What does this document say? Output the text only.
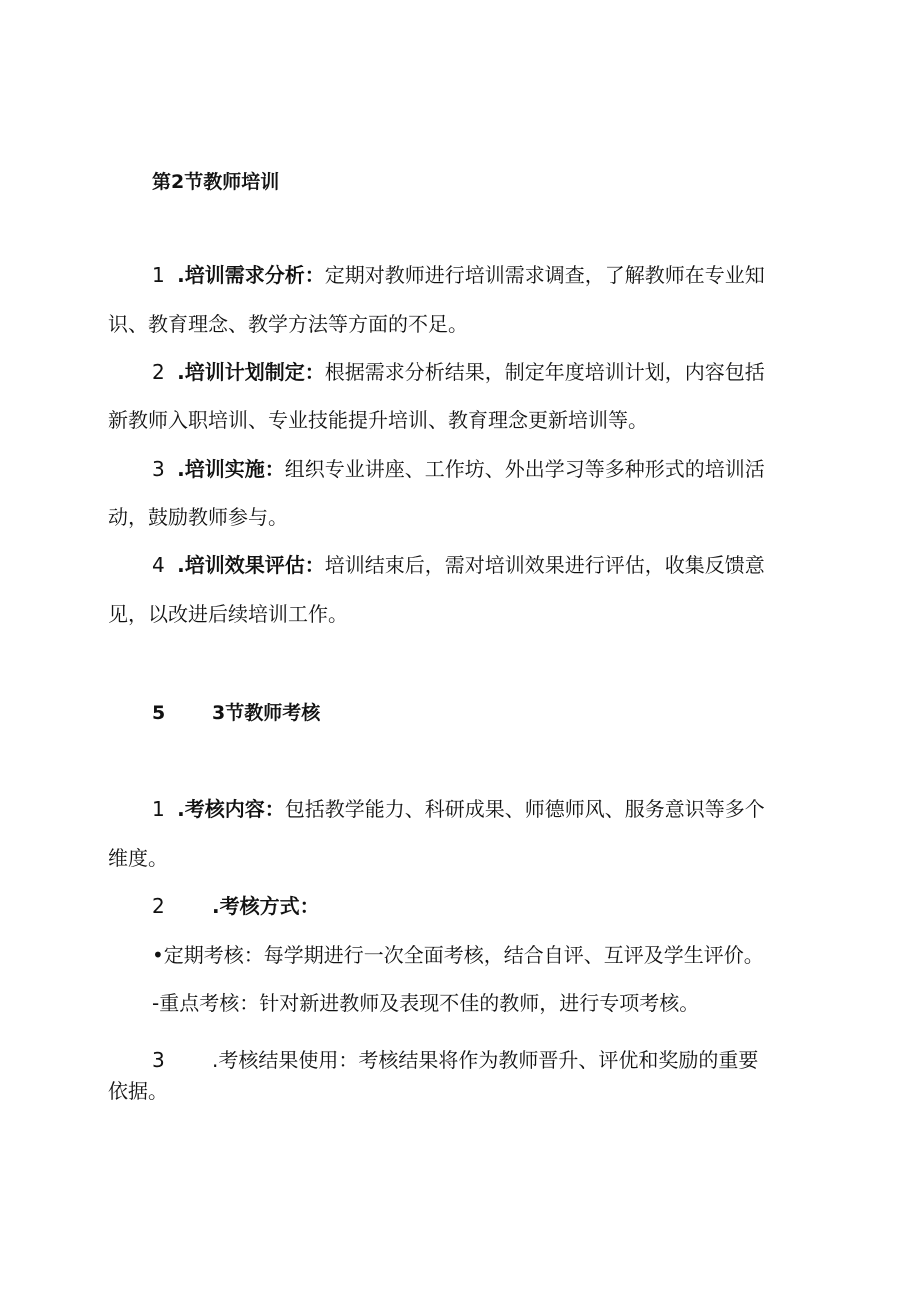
第2节教师培训
1 .培训需求分析：定期对教师进行培训需求调查，了解教师在专业知
识、教育理念、教学方法等方面的不足。
2 .培训计划制定：根据需求分析结果，制定年度培训计划，内容包括
新教师入职培训、专业技能提升培训、教育理念更新培训等。
3 .培训实施：组织专业讲座、工作坊、外出学习等多种形式的培训活
动，鼓励教师参与。
4 .培训效果评估：培训结束后，需对培训效果进行评估，收集反馈意
见，以改进后续培训工作。
5 3节教师考核
1 .考核内容：包括教学能力、科研成果、师德师风、服务意识等多个
维度。
2 .考核方式：
•定期考核：每学期进行一次全面考核，结合自评、互评及学生评价。
-重点考核：针对新进教师及表现不佳的教师，进行专项考核。
3 .考核结果使用：考核结果将作为教师晋升、评优和奖励的重要
依据。
